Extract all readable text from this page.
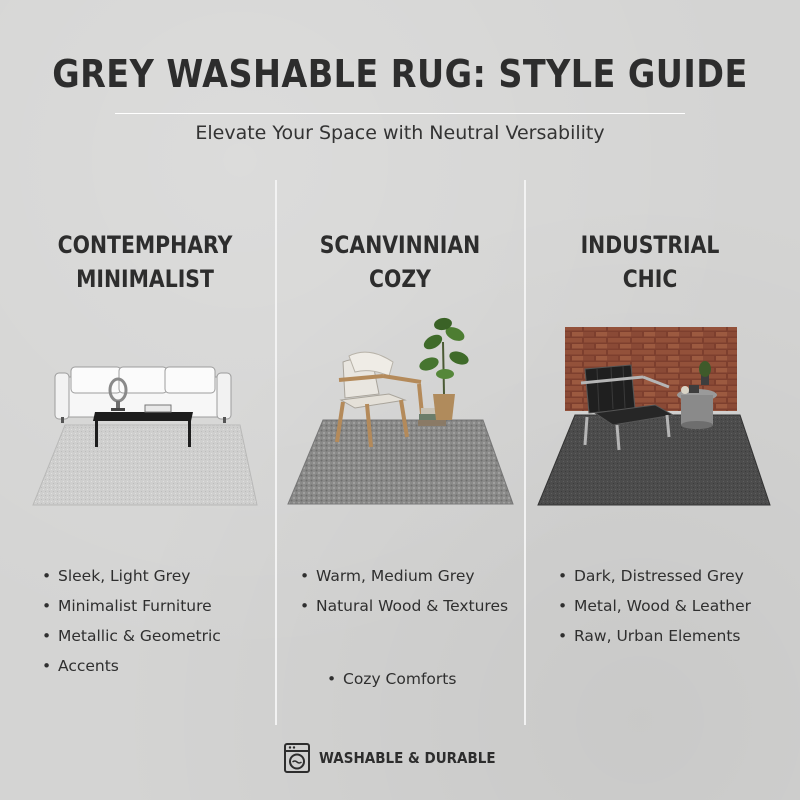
GREY WASHABLE RUG: STYLE GUIDE

Elevate Your Space with Neutral Versability

CONTEMPHARY
MINIMALIST
• Sleek, Light Grey
• Minimalist Furniture
• Metallic & Geometric
• Accents
SCANVINNIAN
COZY
• Warm, Medium Grey
• Natural Wood & Textures
• Cozy Comforts
INDUSTRIAL
CHIC
• Dark, Distressed Grey
• Metal, Wood & Leather
• Raw, Urban Elements
WASHABLE & DURABLE
